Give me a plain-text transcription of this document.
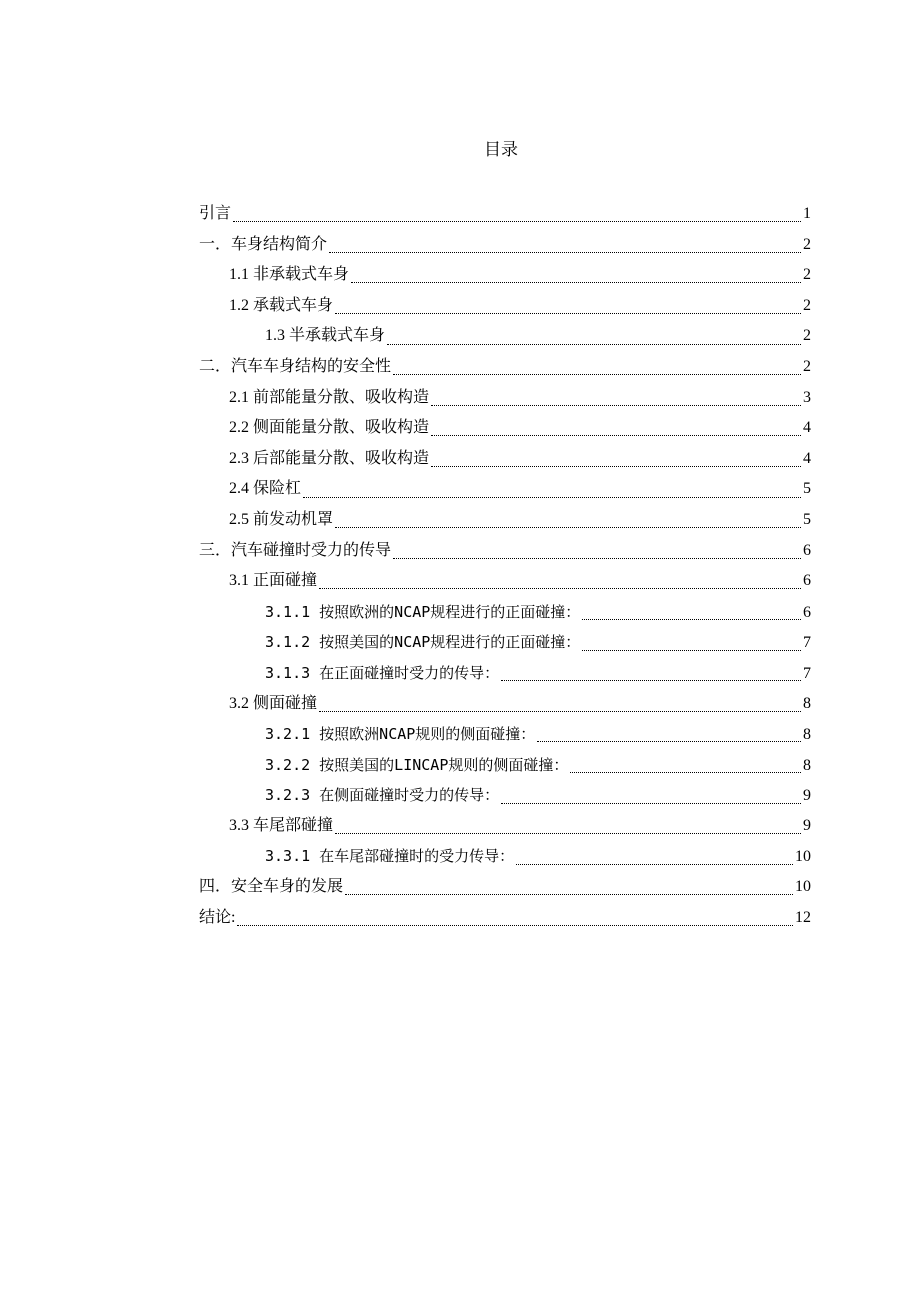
目录
引言	1
一．车身结构简介	2
1.1 非承载式车身	2
1.2 承载式车身	2
1.3 半承载式车身	2
二．汽车车身结构的安全性	2
2.1 前部能量分散、吸收构造	3
2.2 侧面能量分散、吸收构造	4
2.3 后部能量分散、吸收构造	4
2.4 保险杠	5
2.5 前发动机罩	5
三．汽车碰撞时受力的传导	6
3.1 正面碰撞	6
3.1.1 按照欧洲的NCAP规程进行的正面碰撞：	6
3.1.2 按照美国的NCAP规程进行的正面碰撞：	7
3.1.3 在正面碰撞时受力的传导：	7
3.2 侧面碰撞	8
3.2.1 按照欧洲NCAP规则的侧面碰撞：	8
3.2.2 按照美国的LINCAP规则的侧面碰撞：	8
3.2.3 在侧面碰撞时受力的传导：	9
3.3 车尾部碰撞	9
3.3.1 在车尾部碰撞时的受力传导：	10
四．安全车身的发展	10
结论:	12
